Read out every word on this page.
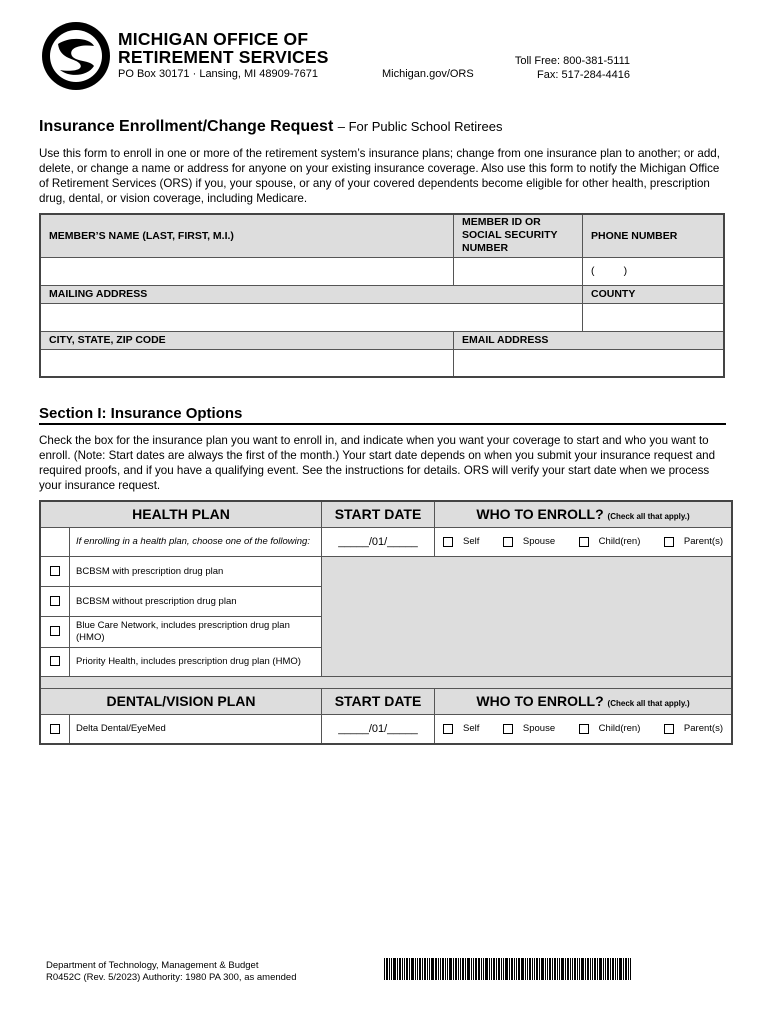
MICHIGAN OFFICE OF
RETIREMENT SERVICES
PO Box 30171 · Lansing, MI 48909-7671	Michigan.gov/ORS
Toll Free: 800-381-5111
Fax: 517-284-4416
Insurance Enrollment/Change Request – For Public School Retirees
Use this form to enroll in one or more of the retirement system’s insurance plans; change from one insurance plan to another; or add, delete, or change a name or address for anyone on your existing insurance coverage. Also use this form to notify the Michigan Office of Retirement Services (ORS) if you, your spouse, or any of your covered dependents become eligible for other health, prescription drug, dental, or vision coverage, including Medicare.
MEMBER’S NAME (LAST, FIRST, M.I.)	MEMBER ID OR SOCIAL SECURITY NUMBER	PHONE NUMBER
		(          )
MAILING ADDRESS		COUNTY

CITY, STATE, ZIP CODE	EMAIL ADDRESS	

Section I: Insurance Options
Check the box for the insurance plan you want to enroll in, and indicate when you want your coverage to start and who you want to enroll. (Note: Start dates are always the first of the month.) Your start date depends on when you submit your insurance request and required proofs, and if you have a qualifying event. See the instructions for details. ORS will verify your start date when we process your insurance request.
HEALTH PLAN		START DATE	WHO TO ENROLL? (Check all that apply.)
	If enrolling in a health plan, choose one of the following:	_____/01/_____	Self Spouse Child(ren) Parent(s)

	BCBSM with prescription drug plan		
	BCBSM without prescription drug plan		
	Blue Care Network, includes prescription drug plan (HMO)		
	Priority Health, includes prescription drug plan (HMO)		

DENTAL/VISION PLAN		START DATE	WHO TO ENROLL? (Check all that apply.)
	Delta Dental/EyeMed	_____/01/_____	Self Spouse Child(ren) Parent(s)
Department of Technology, Management & Budget
R0452C (Rev. 5/2023) Authority: 1980 PA 300, as amended
